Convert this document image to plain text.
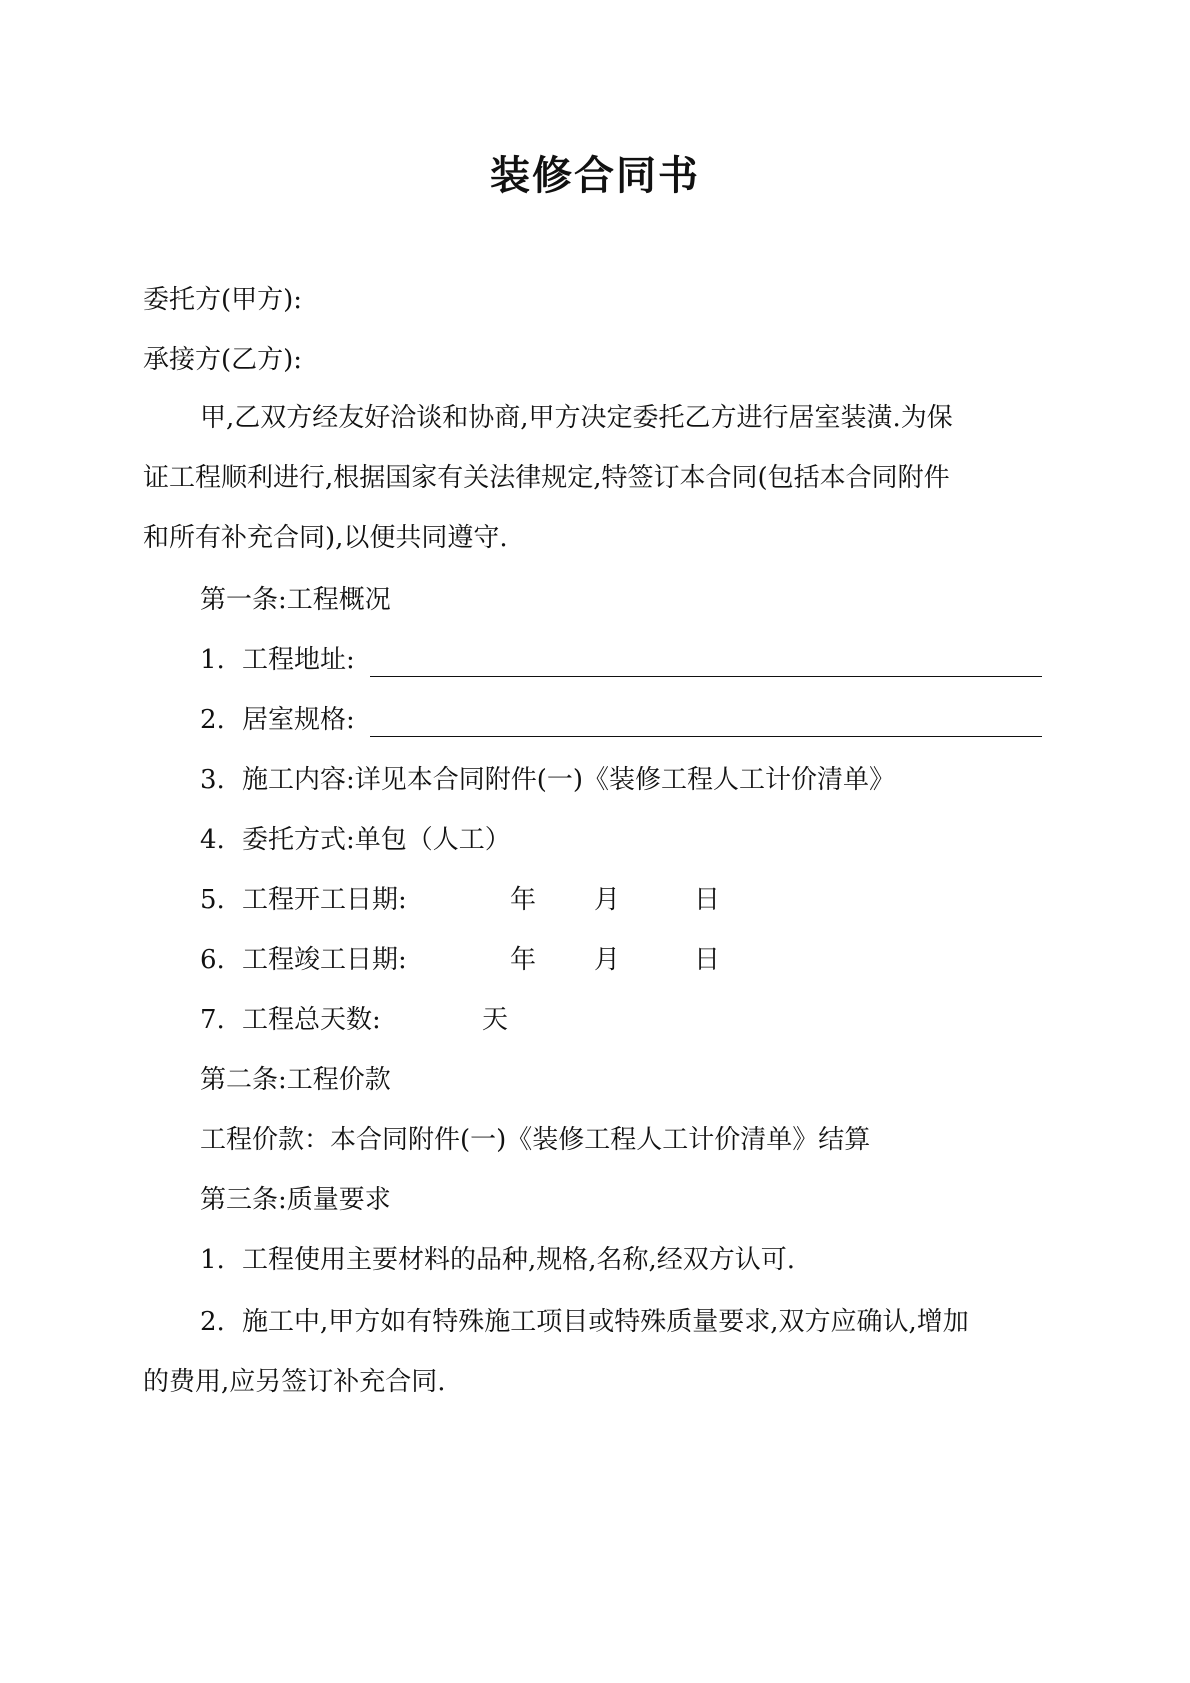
装修合同书
委托方(甲方):
承接方(乙方):
甲,乙双方经友好洽谈和协商,甲方决定委托乙方进行居室装潢.为保
证工程顺利进行,根据国家有关法律规定,特签订本合同(包括本合同附件
和所有补充合同),以便共同遵守.
第一条:工程概况
1. 工程地址:
2. 居室规格:
3. 施工内容:详见本合同附件(一)《装修工程人工计价清单》
4. 委托方式:单包（人工）
5. 工程开工日期:	年 月	日
6. 工程竣工日期:	年 月	日
7. 工程总天数:	天
第二条:工程价款
工程价款：本合同附件(一)《装修工程人工计价清单》结算
第三条:质量要求
1. 工程使用主要材料的品种,规格,名称,经双方认可.
2. 施工中,甲方如有特殊施工项目或特殊质量要求,双方应确认,增加
的费用,应另签订补充合同.
